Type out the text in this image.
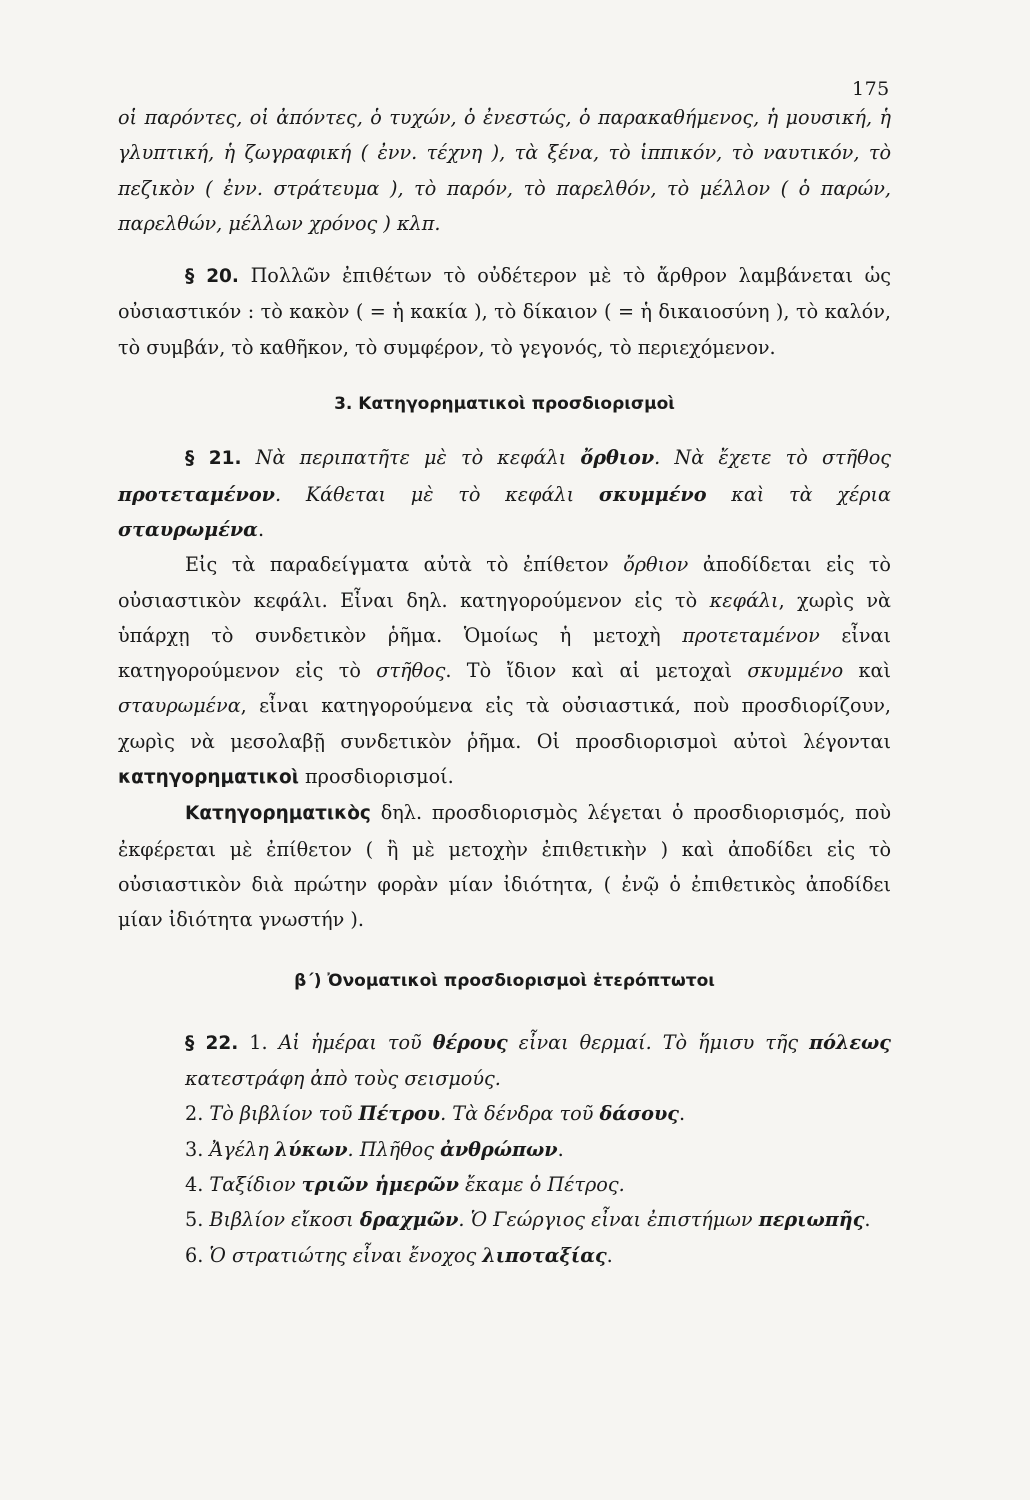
175

οἱ παρόντες, οἱ ἀπόντες, ὁ τυχών, ὁ ἐνεστώς, ὁ παρακαθήμενος, ἡ μουσική, ἡ γλυπτική, ἡ ζωγραφική ( ἐνν. τέχνη ), τὰ ξένα, τὸ ἱππικόν, τὸ ναυτικόν, τὸ πεζικὸν ( ἐνν. στράτευμα ), τὸ παρόν, τὸ παρελθόν, τὸ μέλλον ( ὁ παρών, παρελθών, μέλλων χρόνος ) κλπ.

§ 20. Πολλῶν ἐπιθέτων τὸ οὐδέτερον μὲ τὸ ἄρθρον λαμβάνεται ὡς οὐσιαστικόν : τὸ κακὸν ( = ἡ κακία ), τὸ δίκαιον ( = ἡ δικαιοσύνη ), τὸ καλόν, τὸ συμβάν, τὸ καθῆκον, τὸ συμφέρον, τὸ γεγονός, τὸ περιεχόμενον.

3. Κατηγορηματικοὶ προσδιορισμοὶ

§ 21. Νὰ περιπατῆτε μὲ τὸ κεφάλι ὄρθιον. Νὰ ἔχετε τὸ στῆθος προτεταμένον. Κάθεται μὲ τὸ κεφάλι σκυμμένο καὶ τὰ χέρια σταυρωμένα.

Εἰς τὰ παραδείγματα αὐτὰ τὸ ἐπίθετον ὄρθιον ἀποδίδεται εἰς τὸ οὐσιαστικὸν κεφάλι. Εἶναι δηλ. κατηγορούμενον εἰς τὸ κεφάλι, χωρὶς νὰ ὑπάρχῃ τὸ συνδετικὸν ῥῆμα. Ὁμοίως ἡ μετοχὴ προτεταμένον εἶναι κατηγορούμενον εἰς τὸ στῆθος. Τὸ ἴδιον καὶ αἱ μετοχαὶ σκυμμένο καὶ σταυρωμένα, εἶναι κατηγορούμενα εἰς τὰ οὐσιαστικά, ποὺ προσδιορίζουν, χωρὶς νὰ μεσολαβῇ συνδετικὸν ῥῆμα. Οἱ προσδιορισμοὶ αὐτοὶ λέγονται κατηγορηματικοὶ προσδιορισμοί.

Κατηγορηματικὸς δηλ. προσδιορισμὸς λέγεται ὁ προσδιορισμός, ποὺ ἐκφέρεται μὲ ἐπίθετον ( ἢ μὲ μετοχὴν ἐπιθετικὴν ) καὶ ἀποδίδει εἰς τὸ οὐσιαστικὸν διὰ πρώτην φορὰν μίαν ἰδιότητα, ( ἐνῷ ὁ ἐπιθετικὸς ἀποδίδει μίαν ἰδιότητα γνωστήν ).

β΄) Ὀνοματικοὶ προσδιορισμοὶ ἑτερόπτωτοι

§ 22. 1. Αἱ ἡμέραι τοῦ θέρους εἶναι θερμαί. Τὸ ἥμισυ τῆς πόλεως κατεστράφη ἀπὸ τοὺς σεισμούς.

2. Τὸ βιβλίον τοῦ Πέτρου. Τὰ δένδρα τοῦ δάσους.

3. Ἀγέλη λύκων. Πλῆθος ἀνθρώπων.

4. Ταξίδιον τριῶν ἡμερῶν ἔκαμε ὁ Πέτρος.

5. Βιβλίον εἴκοσι δραχμῶν. Ὁ Γεώργιος εἶναι ἐπιστήμων περιωπῆς.

6. Ὁ στρατιώτης εἶναι ἔνοχος λιποταξίας.
